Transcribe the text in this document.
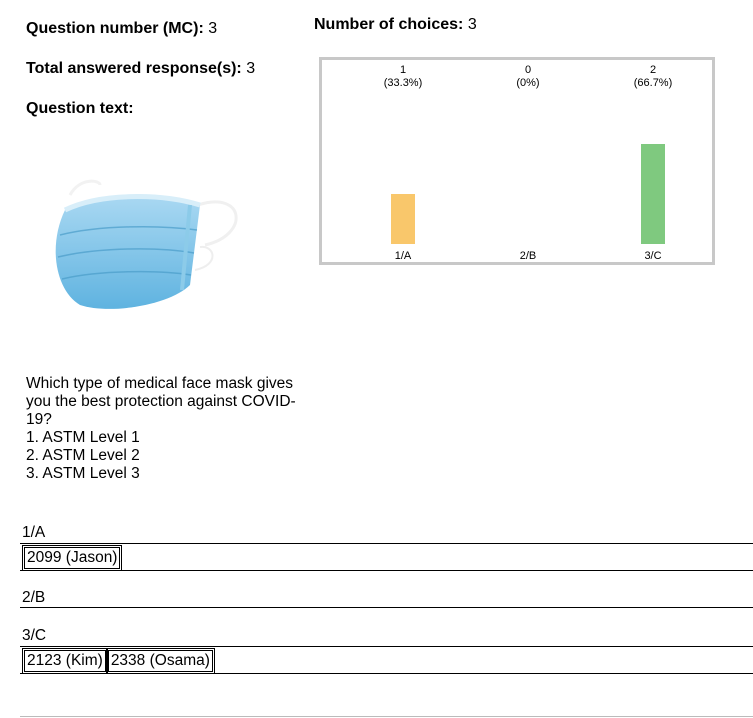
Question number (MC): 3	Number of choices: 3
Total answered response(s): 3
Question text:
1
(33.3%)
1/A
0
(0%)
2/B
2
(66.7%)
3/C
Which type of medical face mask gives you the best protection against COVID-19?
1. ASTM Level 1
2. ASTM Level 2
3. ASTM Level 3
1/A
2099 (Jason)
2/B
3/C
2123 (Kim) 2338 (Osama)
